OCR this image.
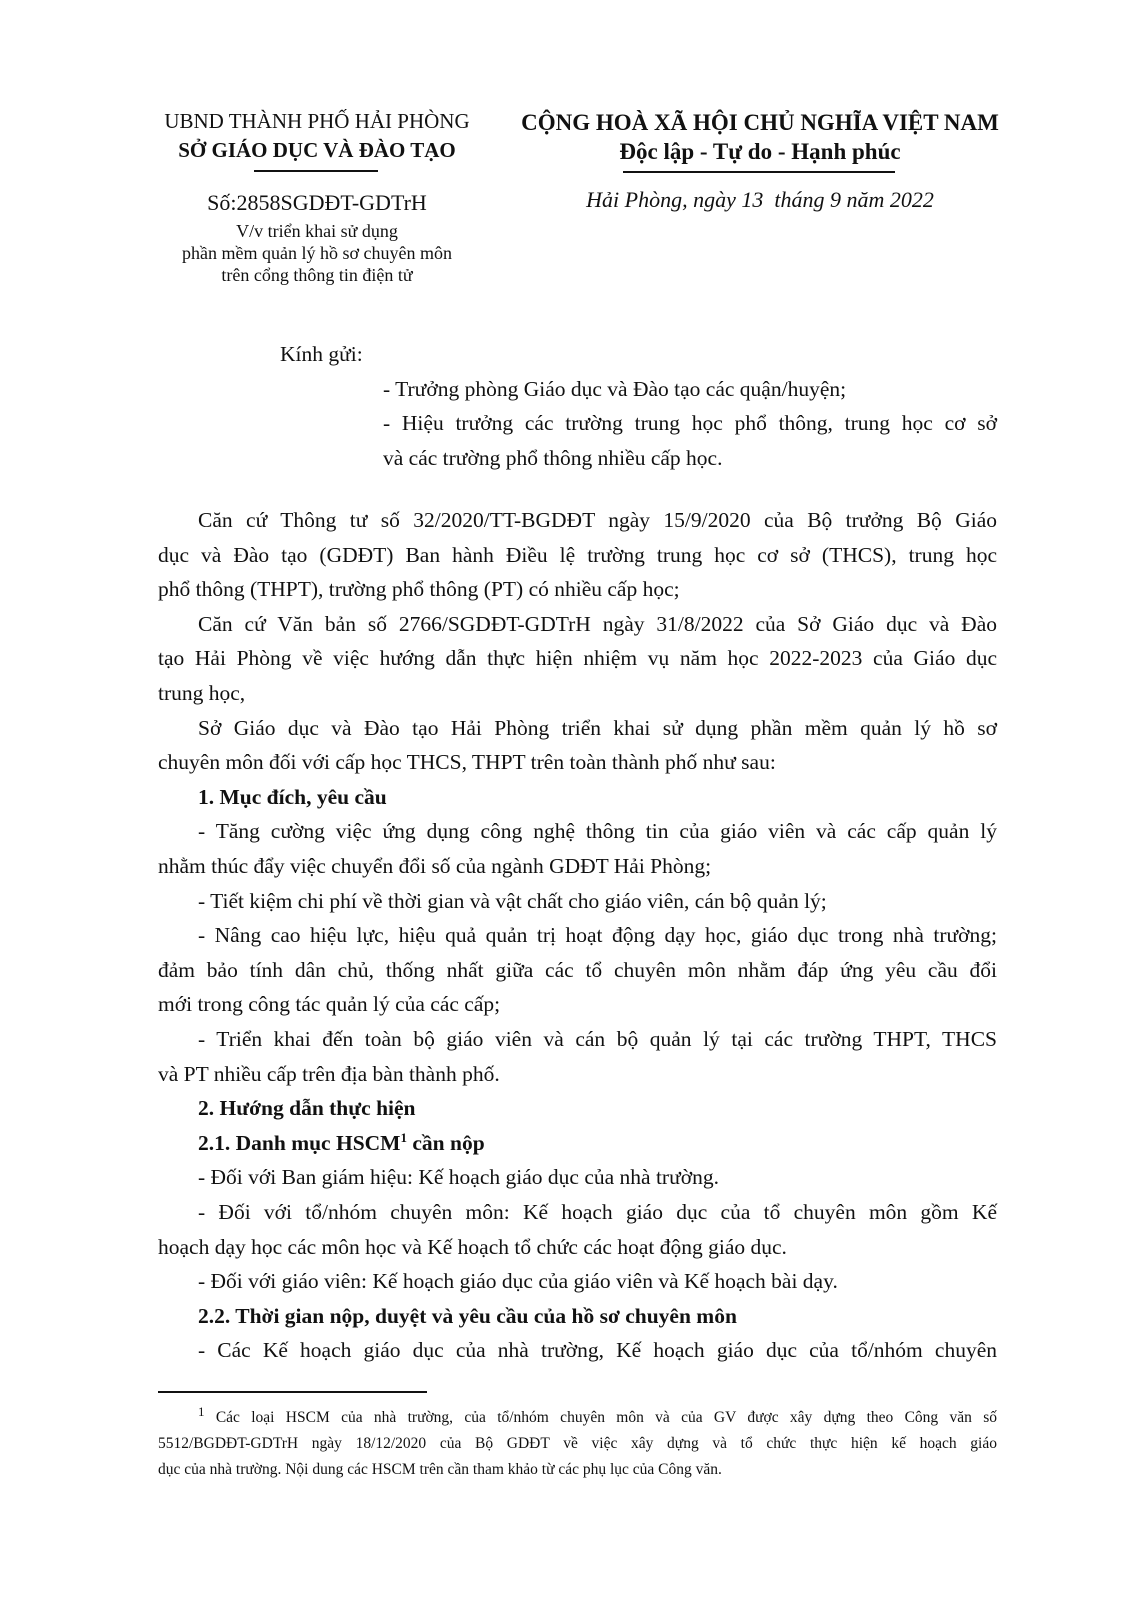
UBND THÀNH PHỐ HẢI PHÒNG
SỞ GIÁO DỤC VÀ ĐÀO TẠO
Số:2858SGDĐT-GDTrH
V/v triển khai sử dụng
phần mềm quản lý hồ sơ chuyên môn
trên cổng thông tin điện tử
CỘNG HOÀ XÃ HỘI CHỦ NGHĨA VIỆT NAM
Độc lập - Tự do - Hạnh phúc
Hải Phòng, ngày 13  tháng 9 năm 2022
Kính gửi:
- Trưởng phòng Giáo dục và Đào tạo các quận/huyện;
- Hiệu trưởng các trường trung học phổ thông, trung học cơ sở
và các trường phổ thông nhiều cấp học.
Căn cứ Thông tư số 32/2020/TT-BGDĐT ngày 15/9/2020 của Bộ trưởng Bộ Giáo
dục và Đào tạo (GDĐT) Ban hành Điều lệ trường trung học cơ sở (THCS), trung học
phổ thông (THPT), trường phổ thông (PT) có nhiều cấp học;
Căn cứ Văn bản số 2766/SGDĐT-GDTrH ngày 31/8/2022 của Sở Giáo dục và Đào
tạo Hải Phòng về việc hướng dẫn thực hiện nhiệm vụ năm học 2022-2023 của Giáo dục
trung học,
Sở Giáo dục và Đào tạo Hải Phòng triển khai sử dụng phần mềm quản lý hồ sơ
chuyên môn đối với cấp học THCS, THPT trên toàn thành phố như sau:
1. Mục đích, yêu cầu
- Tăng cường việc ứng dụng công nghệ thông tin của giáo viên và các cấp quản lý
nhằm thúc đẩy việc chuyển đổi số của ngành GDĐT Hải Phòng;
- Tiết kiệm chi phí về thời gian và vật chất cho giáo viên, cán bộ quản lý;
- Nâng cao hiệu lực, hiệu quả quản trị hoạt động dạy học, giáo dục trong nhà trường;
đảm bảo tính dân chủ, thống nhất giữa các tổ chuyên môn nhằm đáp ứng yêu cầu đổi
mới trong công tác quản lý của các cấp;
- Triển khai đến toàn bộ giáo viên và cán bộ quản lý tại các trường THPT, THCS
và PT nhiều cấp trên địa bàn thành phố.
2. Hướng dẫn thực hiện
2.1. Danh mục HSCM$^1$ cần nộp
- Đối với Ban giám hiệu: Kế hoạch giáo dục của nhà trường.
- Đối với tổ/nhóm chuyên môn: Kế hoạch giáo dục của tổ chuyên môn gồm Kế
hoạch dạy học các môn học và Kế hoạch tổ chức các hoạt động giáo dục.
- Đối với giáo viên: Kế hoạch giáo dục của giáo viên và Kế hoạch bài dạy.
2.2. Thời gian nộp, duyệt và yêu cầu của hồ sơ chuyên môn
- Các Kế hoạch giáo dục của nhà trường, Kế hoạch giáo dục của tổ/nhóm chuyên
$^1$ Các loại HSCM của nhà trường, của tổ/nhóm chuyên môn và của GV được xây dựng theo Công văn số
5512/BGDĐT-GDTrH ngày 18/12/2020 của Bộ GDĐT về việc xây dựng và tổ chức thực hiện kế hoạch giáo
dục của nhà trường. Nội dung các HSCM trên cần tham khảo từ các phụ lục của Công văn.
